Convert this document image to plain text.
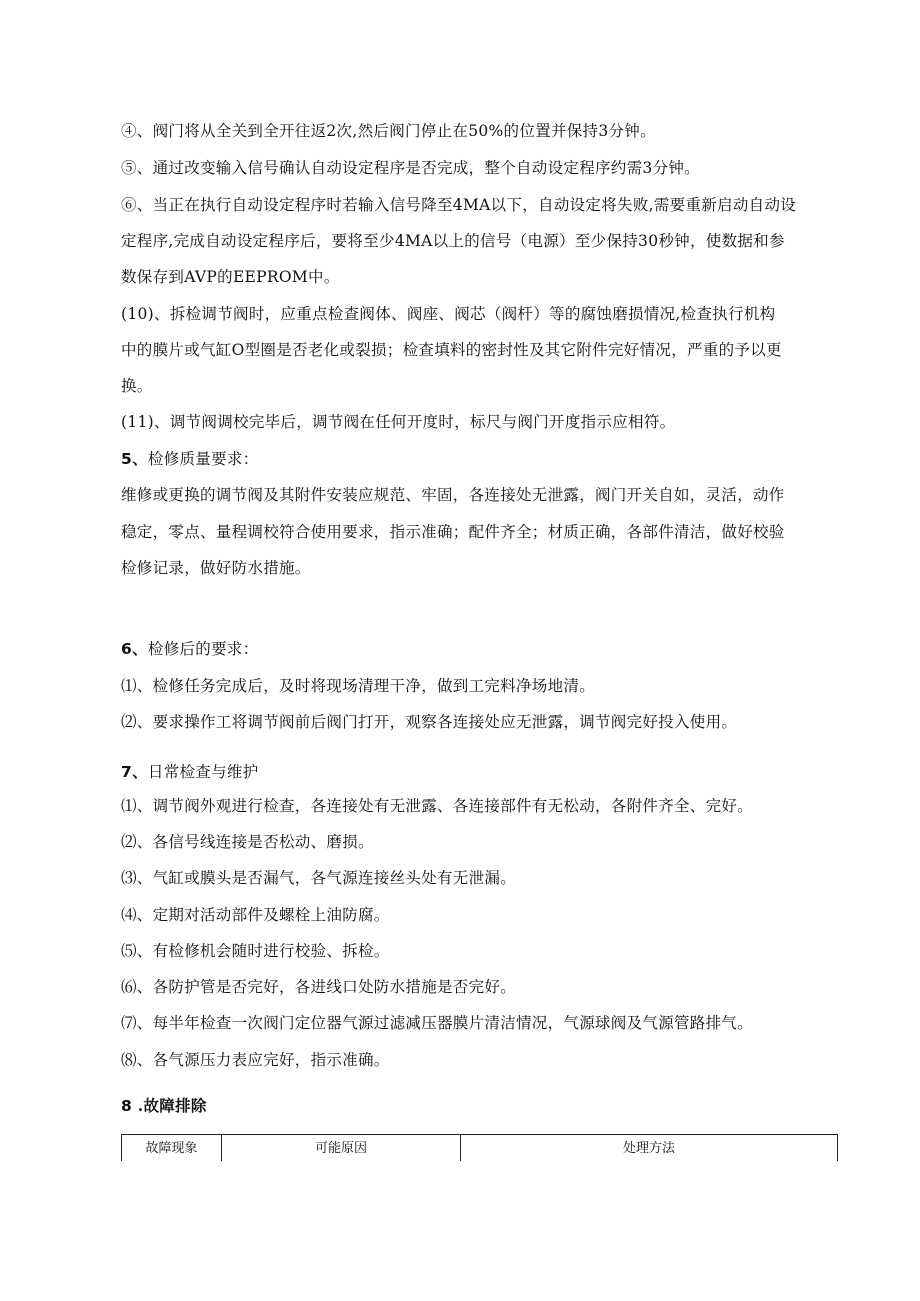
④、阀门将从全关到全开往返2次,然后阀门停止在50%的位置并保持3分钟。
⑤、通过改变输入信号确认自动设定程序是否完成，整个自动设定程序约需3分钟。
⑥、当正在执行自动设定程序时若输入信号降至4MA以下，自动设定将失败,需要重新启动自动设
定程序,完成自动设定程序后，要将至少4MA以上的信号（电源）至少保持30秒钟，使数据和参
数保存到AVP的EEPROM中。
(10)、拆检调节阀时，应重点检查阀体、阀座、阀芯（阀杆）等的腐蚀磨损情况,检查执行机构
中的膜片或气缸O型圈是否老化或裂损；检查填料的密封性及其它附件完好情况，严重的予以更
换。
(11)、调节阀调校完毕后，调节阀在任何开度时，标尺与阀门开度指示应相符。
5、检修质量要求：
维修或更换的调节阀及其附件安装应规范、牢固，各连接处无泄露，阀门开关自如，灵活，动作
稳定，零点、量程调校符合使用要求，指示准确；配件齐全；材质正确，各部件清洁，做好校验
检修记录，做好防水措施。
6、检修后的要求：
⑴、检修任务完成后，及时将现场清理干净，做到工完料净场地清。
⑵、要求操作工将调节阀前后阀门打开，观察各连接处应无泄露，调节阀完好投入使用。
7、日常检查与维护
⑴、调节阀外观进行检查，各连接处有无泄露、各连接部件有无松动，各附件齐全、完好。
⑵、各信号线连接是否松动、磨损。
⑶、气缸或膜头是否漏气，各气源连接丝头处有无泄漏。
⑷、定期对活动部件及螺栓上油防腐。
⑸、有检修机会随时进行校验、拆检。
⑹、各防护管是否完好，各进线口处防水措施是否完好。
⑺、每半年检查一次阀门定位器气源过滤减压器膜片清洁情况，气源球阀及气源管路排气。
⑻、各气源压力表应完好，指示准确。
8 .故障排除
故障现象	可能原因	处理方法
